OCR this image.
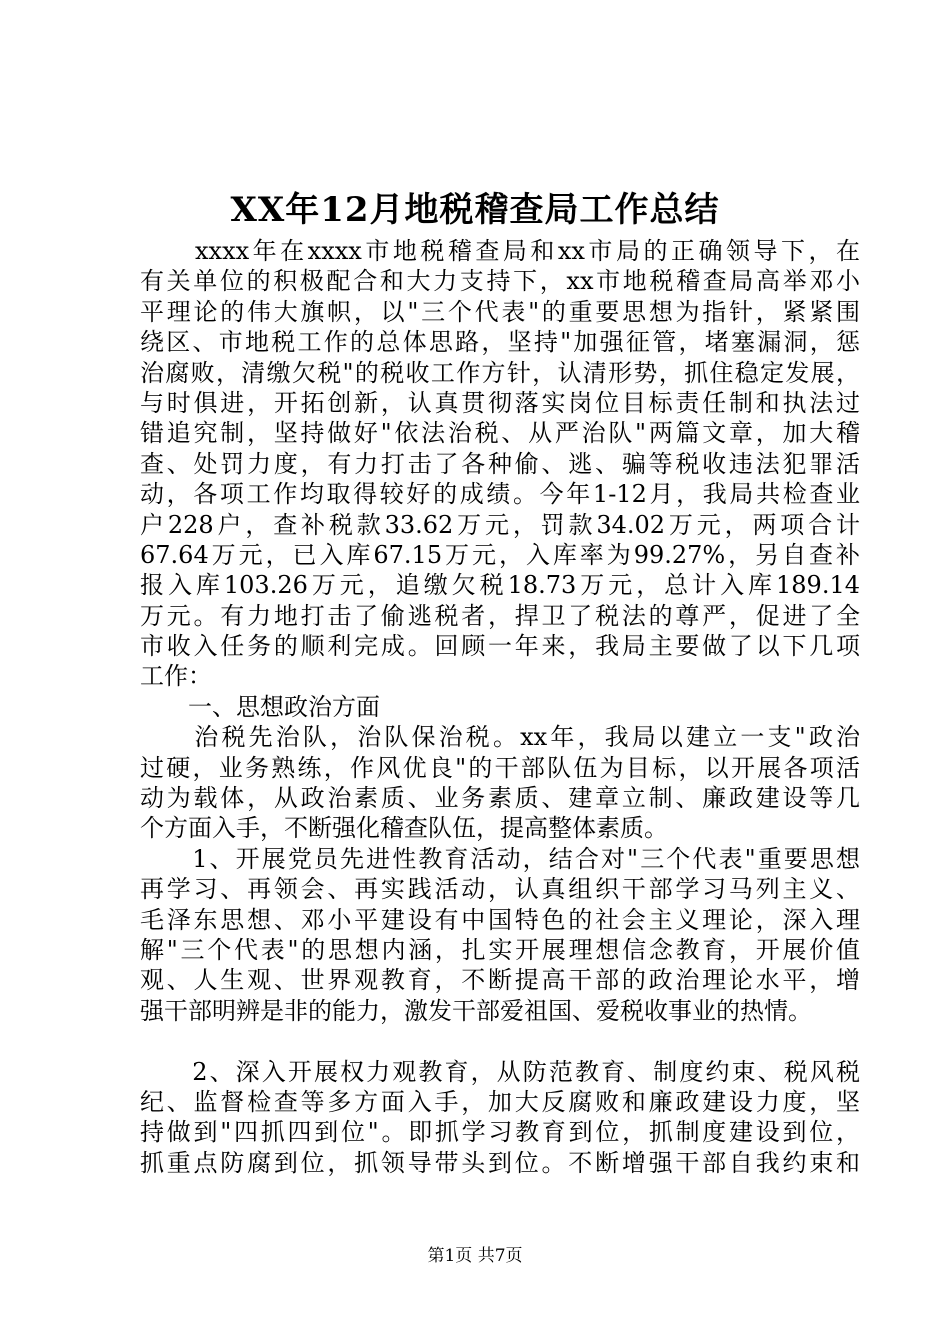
XX年12月地税稽查局工作总结
　　xxxx年在xxxx市地税稽查局和xx市局的正确领导下，在
有关单位的积极配合和大力支持下，xx市地税稽查局高举邓小
平理论的伟大旗帜，以"三个代表"的重要思想为指针，紧紧围
绕区、市地税工作的总体思路，坚持"加强征管，堵塞漏洞，惩
治腐败，清缴欠税"的税收工作方针，认清形势，抓住稳定发展，
与时俱进，开拓创新，认真贯彻落实岗位目标责任制和执法过
错追究制，坚持做好"依法治税、从严治队"两篇文章，加大稽
查、处罚力度，有力打击了各种偷、逃、骗等税收违法犯罪活
动，各项工作均取得较好的成绩。今年1-12月，我局共检查业
户228户，查补税款33.62万元，罚款34.02万元，两项合计
67.64万元，已入库67.15万元，入库率为99.27%，另自查补
报入库103.26万元，追缴欠税18.73万元，总计入库189.14
万元。有力地打击了偷逃税者，捍卫了税法的尊严，促进了全
市收入任务的顺利完成。回顾一年来，我局主要做了以下几项
工作：
　　一、思想政治方面
　　治税先治队，治队保治税。xx年，我局以建立一支"政治
过硬，业务熟练，作风优良"的干部队伍为目标，以开展各项活
动为载体，从政治素质、业务素质、建章立制、廉政建设等几
个方面入手，不断强化稽查队伍，提高整体素质。
　　1、开展党员先进性教育活动，结合对"三个代表"重要思想
再学习、再领会、再实践活动，认真组织干部学习马列主义、
毛泽东思想、邓小平建设有中国特色的社会主义理论，深入理
解"三个代表"的思想内涵，扎实开展理想信念教育，开展价值
观、人生观、世界观教育，不断提高干部的政治理论水平，增
强干部明辨是非的能力，激发干部爱祖国、爱税收事业的热情。
　　2、深入开展权力观教育，从防范教育、制度约束、税风税
纪、监督检查等多方面入手，加大反腐败和廉政建设力度，坚
持做到"四抓四到位"。即抓学习教育到位，抓制度建设到位，
抓重点防腐到位，抓领导带头到位。不断增强干部自我约束和
第1页 共7页
